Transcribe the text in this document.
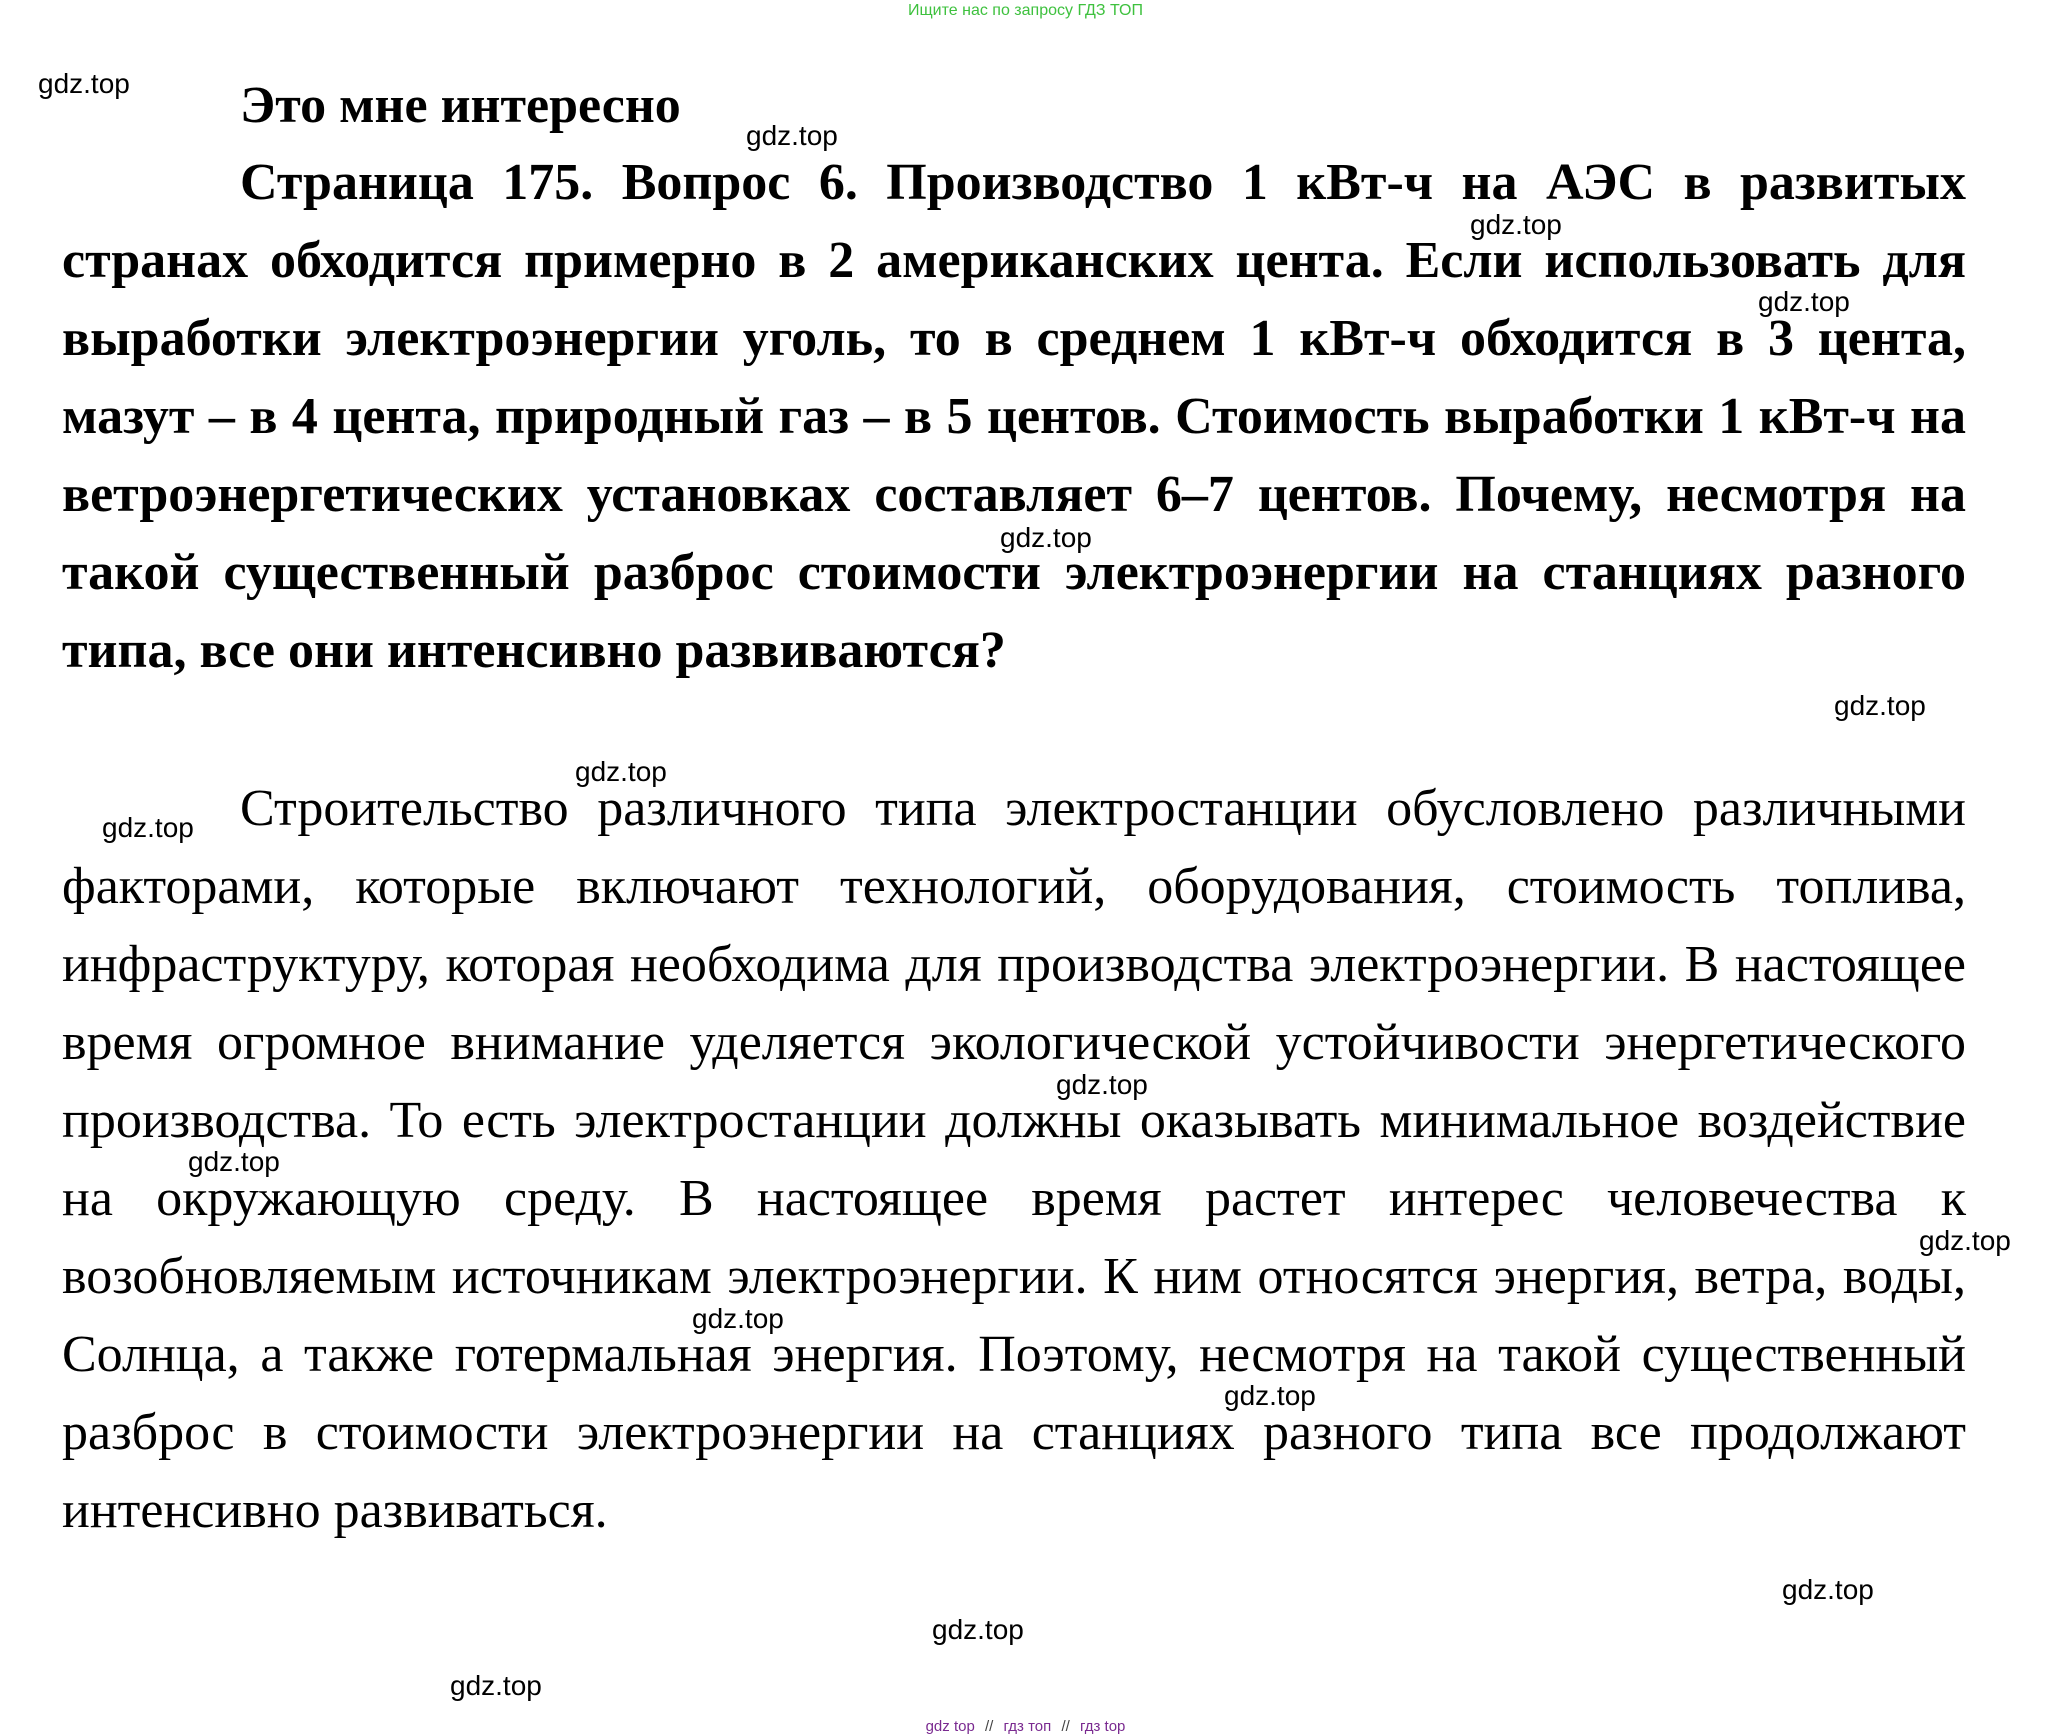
Ищите нас по запросу ГДЗ ТОП
Это мне интересно
Страница 175. Вопрос 6. Производство 1 кВт-ч на АЭС в развитых странах обходится примерно в 2 американских цента. Если использовать для выработки электроэнергии уголь, то в среднем 1 кВт-ч обходится в 3 цента, мазут – в 4 цента, природный газ – в 5 центов. Стоимость выработки 1 кВт-ч на ветроэнергетических установках составляет 6–7 центов. Почему, несмотря на такой существенный разброс стоимости электроэнергии на станциях разного типа, все они интенсивно развиваются?
Строительство различного типа электростанции обусловлено различными факторами, которые включают технологий, оборудования, стоимость топлива, инфраструктуру, которая необходима для производства электроэнергии. В настоящее время огромное внимание уделяется экологической устойчивости энергетического производства. То есть электростанции должны оказывать минимальное воздействие на окружающую среду. В настоящее время растет интерес человечества к возобновляемым источникам электроэнергии. К ним относятся энергия, ветра, воды, Солнца, а также готермальная энергия. Поэтому, несмотря на такой существенный разброс в стоимости электроэнергии на станциях разного типа все продолжают интенсивно развиваться.
gdz.top
gdz.top
gdz.top
gdz.top
gdz.top
gdz.top
gdz.top
gdz.top
gdz.top
gdz.top
gdz.top
gdz.top
gdz.top
gdz.top
gdz.top
gdz.top
gdz top // гдз топ // гдз top
